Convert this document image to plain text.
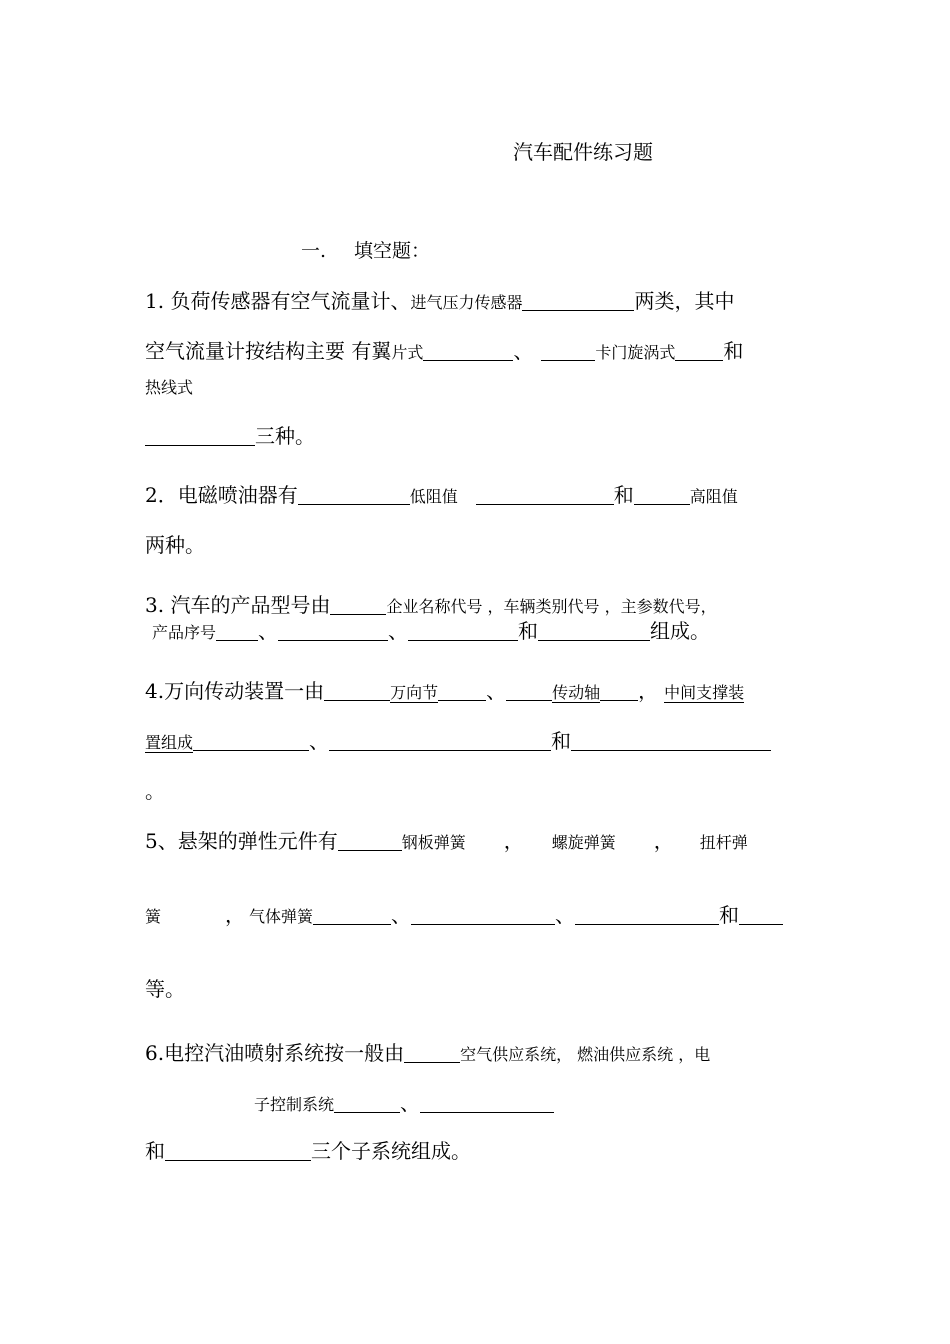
汽车配件练习题
一. 填空题：
1. 负荷传感器有空气流量计、进气压力传感器	两类，其中
空气流量计按结构主要 有翼片式	、	卡门旋涡式 和
热线式
三种。
2．电磁喷油器有	低阻值	和	高阻值
两种。
3. 汽车的产品型号由	企业名称代号 ，车辆类别代号 ，主参数代号，
产品序号 、	、	和	组成。
4.万向传动装置一由	万向节 、	传动轴 ， 中间支撑装
置组成	、	和
。
5、悬架的弹性元件有	钢板弹簧 ， 螺旋弹簧 ， 扭杆弹
簧	， 气体弹簧	、	、	和
等。
6.电控汽油喷射系统按一般由	空气供应系统， 燃油供应系统 ，电
子控制系统	、
和	三个子系统组成。
